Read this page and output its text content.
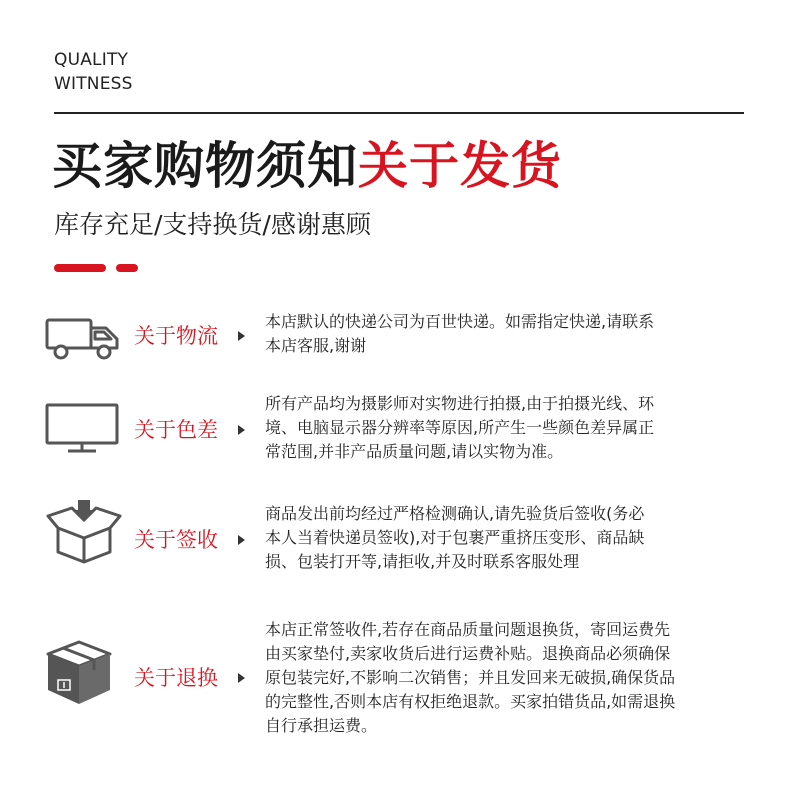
QUALITY
WITNESS
买家购物须知关于发货
库存充足/支持换货/感谢惠顾
关于物流
本店默认的快递公司为百世快递。如需指定快递,请联系
本店客服,谢谢
关于色差
所有产品均为摄影师对实物进行拍摄,由于拍摄光线、环
境、电脑显示器分辨率等原因,所产生一些颜色差异属正
常范围,并非产品质量问题,请以实物为准。
关于签收
商品发出前均经过严格检测确认,请先验货后签收(务必
本人当着快递员签收),对于包裹严重挤压变形、商品缺
损、包装打开等,请拒收,并及时联系客服处理
关于退换
本店正常签收件,若存在商品质量问题退换货，寄回运费先
由买家垫付,卖家收货后进行运费补贴。退换商品必须确保
原包装完好,不影响二次销售；并且发回来无破损,确保货品
的完整性,否则本店有权拒绝退款。买家拍错货品,如需退换
自行承担运费。
